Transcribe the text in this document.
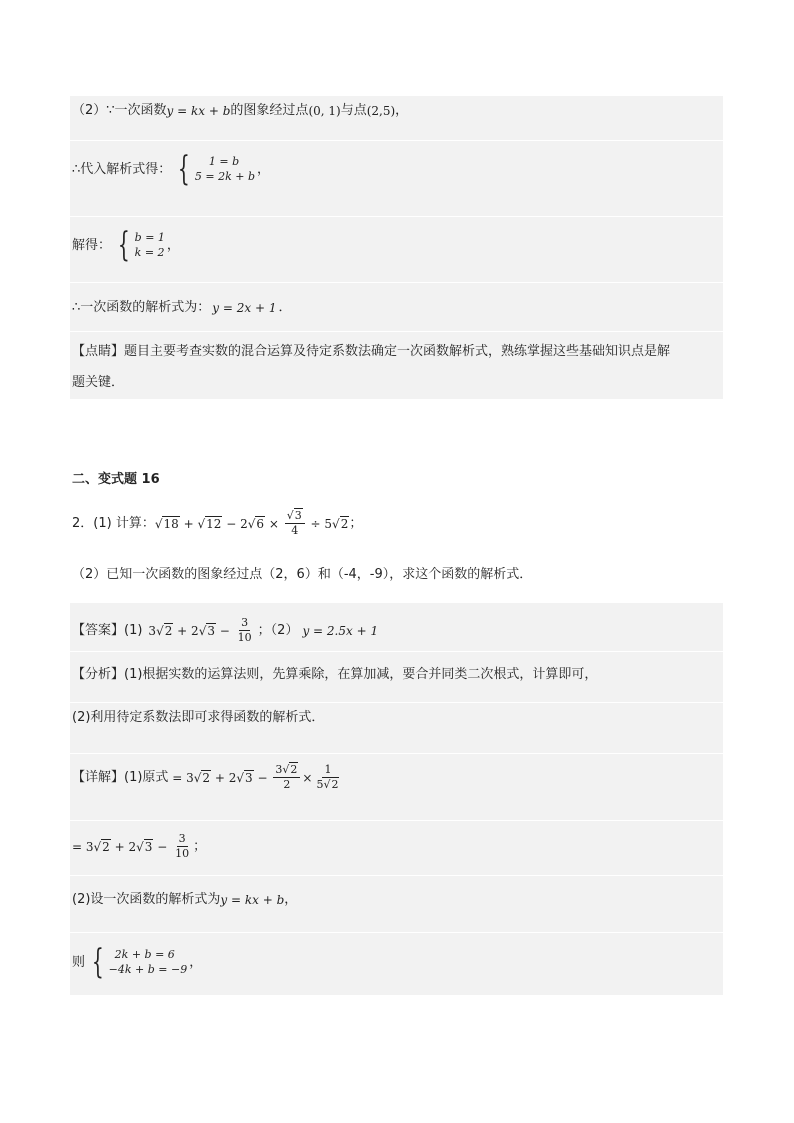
（2）∵一次函数 y = kx + b 的图象经过点 (0, 1) 与点 (2,5) ，
∴代入解析式得： {	1 = b
5 = 2k + b ，
解得： { b = 1
k = 2 ，
∴一次函数的解析式为： y = 2x + 1 ．
【点睛】题目主要考查实数的混合运算及待定系数法确定一次函数解析式，熟练掌握这些基础知识点是解
题关键．
二、变式题 16
2．(1) 计算： √ 18 + √ 12 − 2 √ $6 \times \frac{√3}{4} \div 5$ √ 2 ；
（2）已知一次函数的图象经过点（2，6）和（-4，-9），求这个函数的解析式．
【答案】(1) 3 √ 2 + 2 √ $3 - \frac{3}{10}$ ；（2） y = 2.5x + 1
【分析】(1)根据实数的运算法则，先算乘除，在算加减，要合并同类二次根式，计算即可，
(2)利用待定系数法即可求得函数的解析式．
【详解】(1)原式 = 3 √ 2 + 2 √ $3 - \frac{3√2}{2} \times \frac{1}{5√2}$
= 3 √ 2 + 2 √ $3 - \frac{3}{10}$ ；
(2)设一次函数的解析式为 y = kx + b ，
则 { 2k + b = 6
−4k + b = −9 ，
